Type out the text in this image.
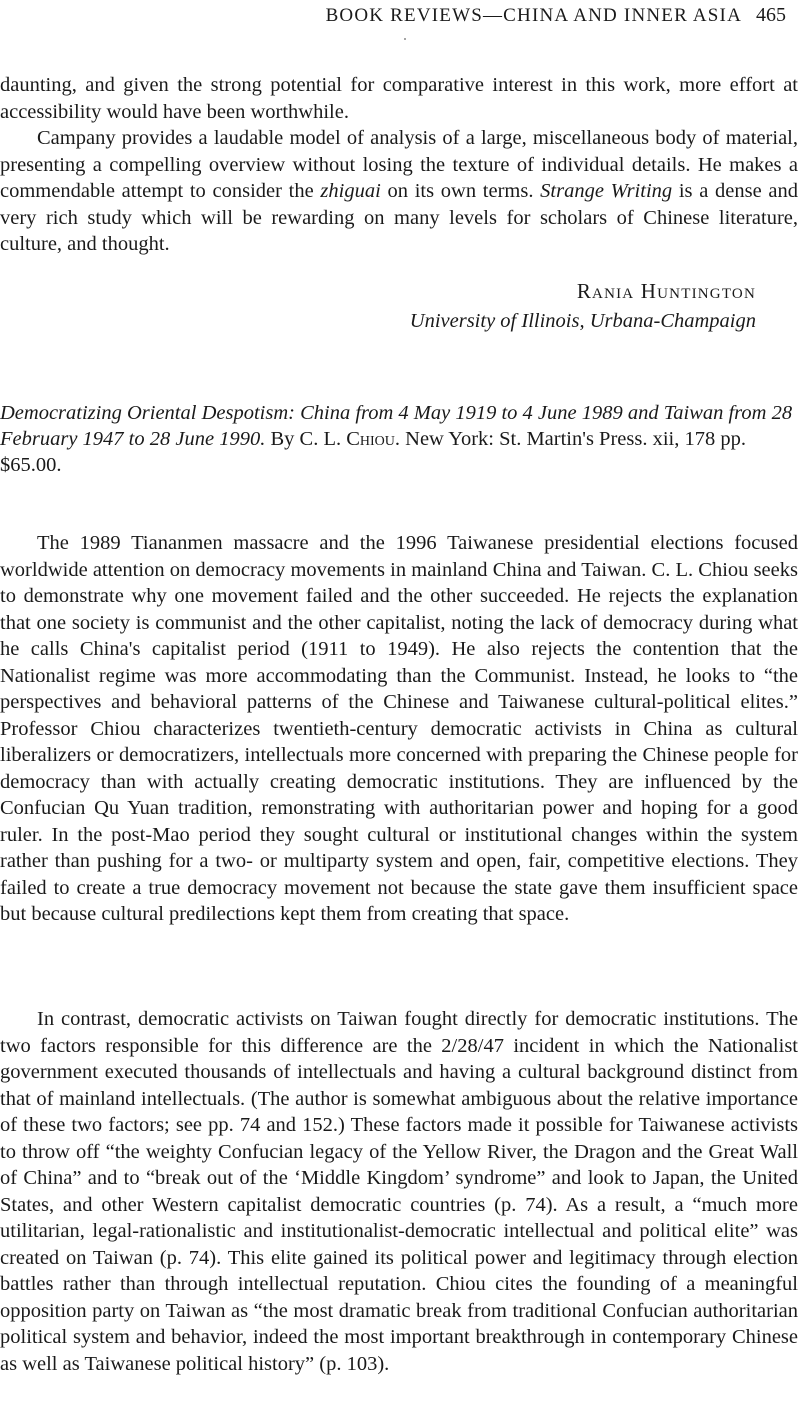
BOOK REVIEWS—CHINA AND INNER ASIA 465

daunting, and given the strong potential for comparative interest in this work, more effort at accessibility would have been worthwhile.

Campany provides a laudable model of analysis of a large, miscellaneous body of material, presenting a compelling overview without losing the texture of individual details. He makes a commendable attempt to consider the zhiguai on its own terms. Strange Writing is a dense and very rich study which will be rewarding on many levels for scholars of Chinese literature, culture, and thought.

Rania Huntington
University of Illinois, Urbana-Champaign

Democratizing Oriental Despotism: China from 4 May 1919 to 4 June 1989 and Taiwan from 28 February 1947 to 28 June 1990. By C. L. Chiou. New York: St. Martin's Press. xii, 178 pp. $65.00.

The 1989 Tiananmen massacre and the 1996 Taiwanese presidential elections focused worldwide attention on democracy movements in mainland China and Taiwan. C. L. Chiou seeks to demonstrate why one movement failed and the other succeeded. He rejects the explanation that one society is communist and the other capitalist, noting the lack of democracy during what he calls China's capitalist period (1911 to 1949). He also rejects the contention that the Nationalist regime was more accommodating than the Communist. Instead, he looks to “the perspectives and behavioral patterns of the Chinese and Taiwanese cultural-political elites.” Professor Chiou characterizes twentieth-century democratic activists in China as cultural liberalizers or democratizers, intellectuals more concerned with preparing the Chinese people for democracy than with actually creating democratic institutions. They are influenced by the Confucian Qu Yuan tradition, remonstrating with authoritarian power and hoping for a good ruler. In the post-Mao period they sought cultural or institutional changes within the system rather than pushing for a two- or multiparty system and open, fair, competitive elections. They failed to create a true democracy movement not because the state gave them insufficient space but because cultural predilections kept them from creating that space.

In contrast, democratic activists on Taiwan fought directly for democratic institutions. The two factors responsible for this difference are the 2/28/47 incident in which the Nationalist government executed thousands of intellectuals and having a cultural background distinct from that of mainland intellectuals. (The author is somewhat ambiguous about the relative importance of these two factors; see pp. 74 and 152.) These factors made it possible for Taiwanese activists to throw off “the weighty Confucian legacy of the Yellow River, the Dragon and the Great Wall of China” and to “break out of the ‘Middle Kingdom’ syndrome” and look to Japan, the United States, and other Western capitalist democratic countries (p. 74). As a result, a “much more utilitarian, legal-rationalistic and institutionalist-democratic intellectual and political elite” was created on Taiwan (p. 74). This elite gained its political power and legitimacy through election battles rather than through intellectual reputation. Chiou cites the founding of a meaningful opposition party on Taiwan as “the most dramatic break from traditional Confucian authoritarian political system and behavior, indeed the most important breakthrough in contemporary Chinese as well as Taiwanese political history” (p. 103).
